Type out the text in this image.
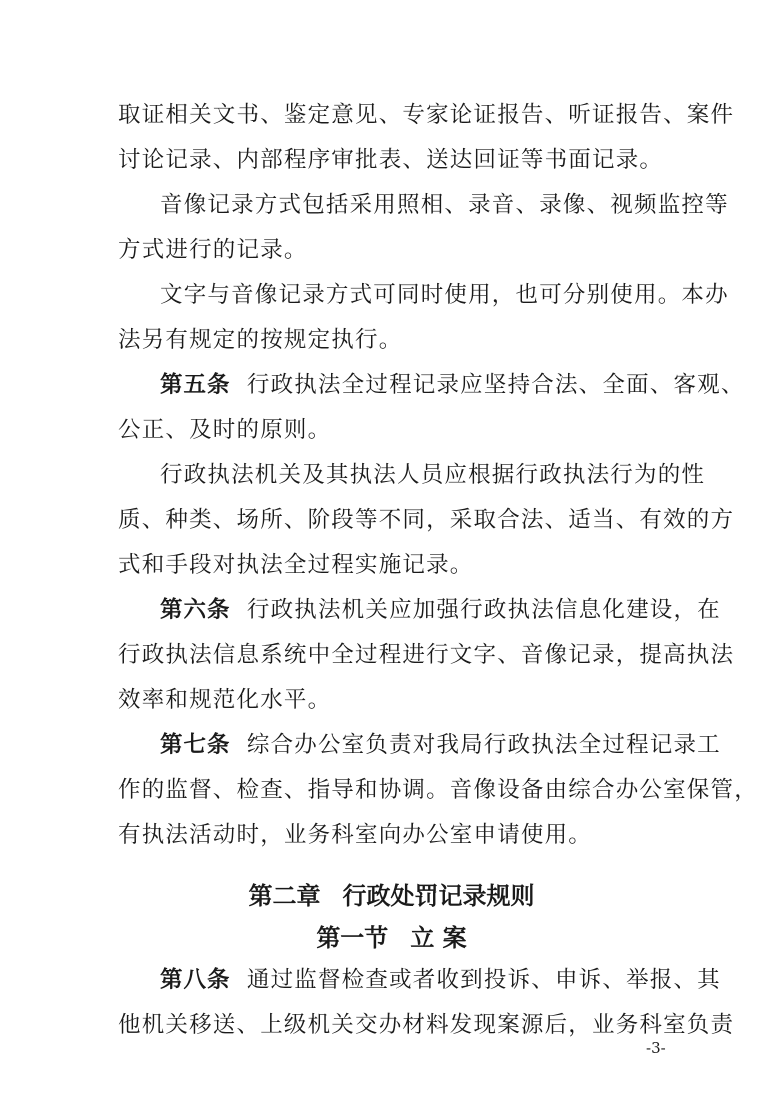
取证相关文书、鉴定意见、专家论证报告、听证报告、案件
讨论记录、内部程序审批表、送达回证等书面记录。
音像记录方式包括采用照相、录音、录像、视频监控等
方式进行的记录。
文字与音像记录方式可同时使用，也可分别使用。本办
法另有规定的按规定执行。
第五条 行政执法全过程记录应坚持合法、全面、客观、
公正、及时的原则。
行政执法机关及其执法人员应根据行政执法行为的性
质、种类、场所、阶段等不同，采取合法、适当、有效的方
式和手段对执法全过程实施记录。
第六条 行政执法机关应加强行政执法信息化建设，在
行政执法信息系统中全过程进行文字、音像记录，提高执法
效率和规范化水平。
第七条 综合办公室负责对我局行政执法全过程记录工
作的监督、检查、指导和协调。音像设备由综合办公室保管，
有执法活动时，业务科室向办公室申请使用。
第二章 行政处罚记录规则
第一节 立 案
第八条 通过监督检查或者收到投诉、申诉、举报、其
他机关移送、上级机关交办材料发现案源后，业务科室负责
-3-
